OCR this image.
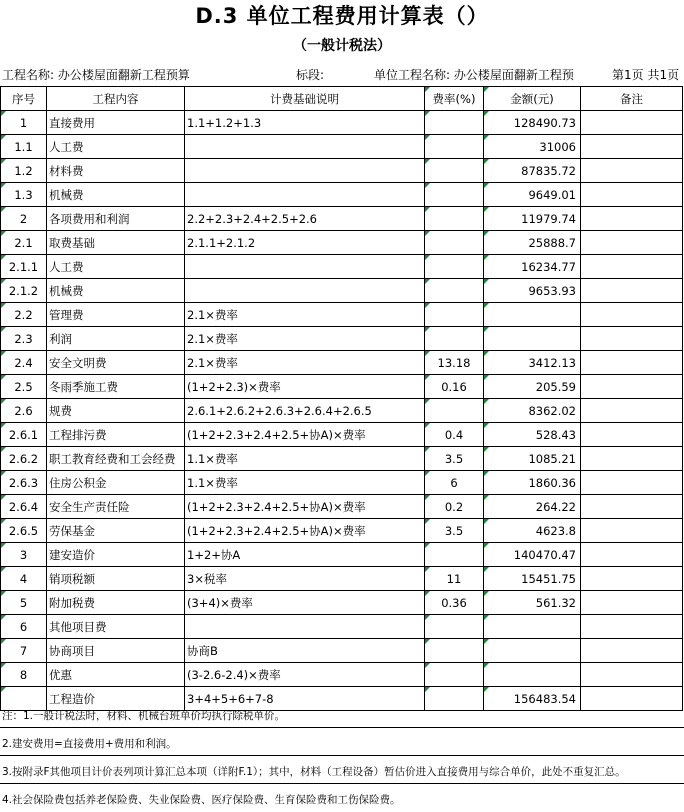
D.3 单位工程费用计算表（）
（一般计税法）
工程名称: 办公楼屋面翻新工程预算	标段:	单位工程名称: 办公楼屋面翻新工程预	第1页 共1页
序号	工程内容	计费基础说明	费率(%)	金额(元)	备注
1	直接费用	1.1+1.2+1.3		128490.73	
1.1	人工费			31006	
1.2	材料费			87835.72	
1.3	机械费			9649.01	
2	各项费用和利润	2.2+2.3+2.4+2.5+2.6		11979.74	
2.1	取费基础	2.1.1+2.1.2		25888.7	
2.1.1	人工费			16234.77	
2.1.2	机械费			9653.93	
2.2	管理费	2.1×费率			
2.3	利润	2.1×费率			
2.4	安全文明费	2.1×费率	13.18	3412.13	
2.5	冬雨季施工费	(1+2+2.3)×费率	0.16	205.59	
2.6	规费	2.6.1+2.6.2+2.6.3+2.6.4+2.6.5		8362.02	
2.6.1	工程排污费	(1+2+2.3+2.4+2.5+协A)×费率	0.4	528.43	
2.6.2	职工教育经费和工会经费	1.1×费率	3.5	1085.21	
2.6.3	住房公积金	1.1×费率	6	1860.36	
2.6.4	安全生产责任险	(1+2+2.3+2.4+2.5+协A)×费率	0.2	264.22	
2.6.5	劳保基金	(1+2+2.3+2.4+2.5+协A)×费率	3.5	4623.8	
3	建安造价	1+2+协A		140470.47	
4	销项税额	3×税率	11	15451.75	
5	附加税费	(3+4)×费率	0.36	561.32	
6	其他项目费				
7	协商项目	协商B			
8	优惠	(3-2.6-2.4)×费率			
	工程造价	3+4+5+6+7-8		156483.54	
注：1.一般计税法时，材料、机械台班单价均执行除税单价。
2.建安费用=直接费用+费用和利润。
3.按附录F其他项目计价表列项计算汇总本项（详附F.1）；其中，材料（工程设备）暂估价进入直接费用与综合单价，此处不重复汇总。
4.社会保险费包括养老保险费、失业保险费、医疗保险费、生育保险费和工伤保险费。
